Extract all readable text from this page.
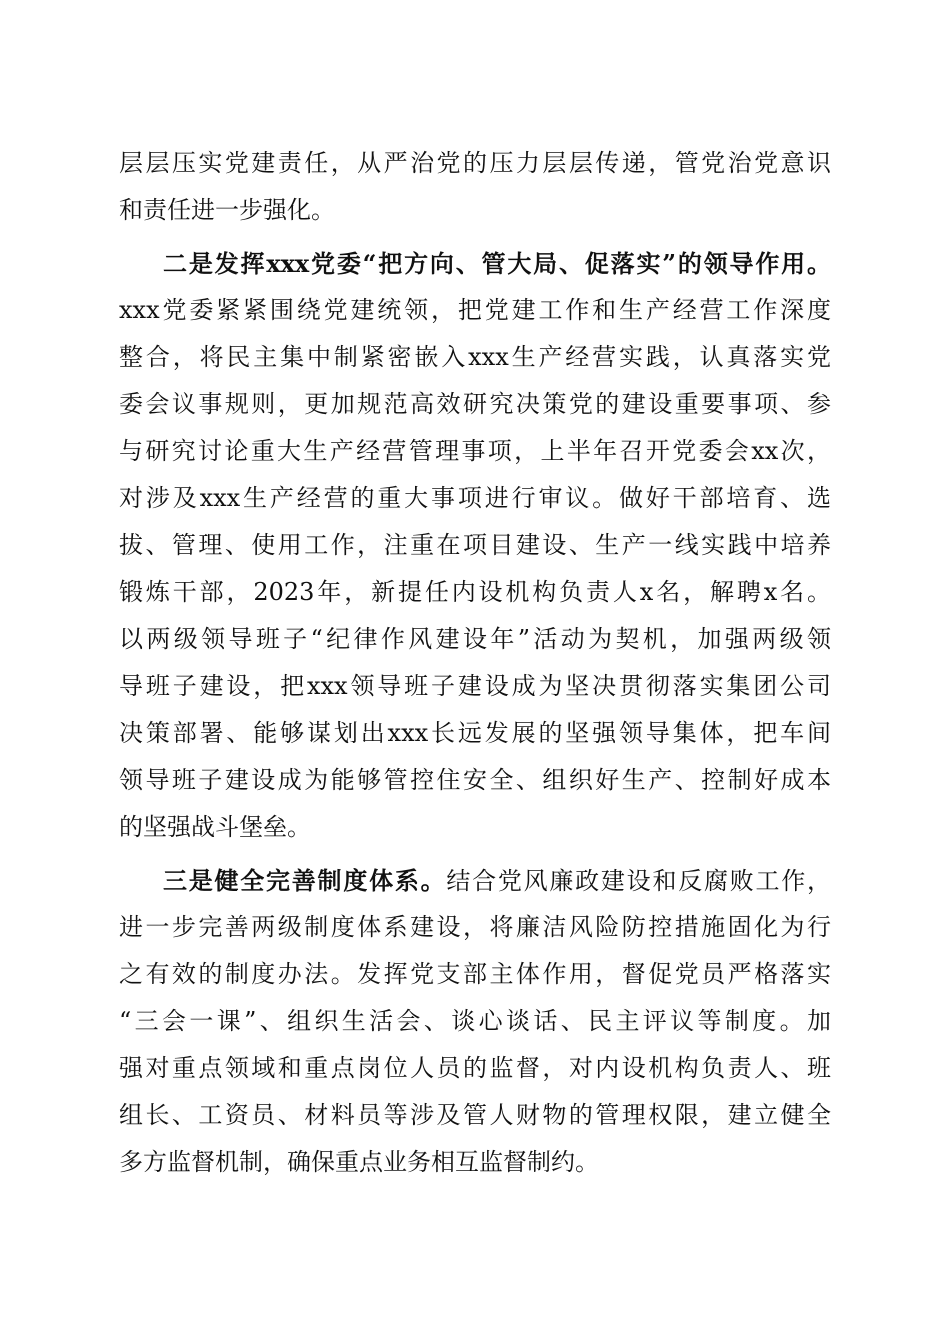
层层压实党建责任，从严治党的压力层层传递，管党治党意识
和责任进一步强化。
二是发挥xxx党委“把方向、管大局、促落实”的领导作用。
xxx党委紧紧围绕党建统领，把党建工作和生产经营工作深度
整合，将民主集中制紧密嵌入xxx生产经营实践，认真落实党
委会议事规则，更加规范高效研究决策党的建设重要事项、参
与研究讨论重大生产经营管理事项，上半年召开党委会xx次，
对涉及xxx生产经营的重大事项进行审议。做好干部培育、选
拔、管理、使用工作，注重在项目建设、生产一线实践中培养
锻炼干部，2023年，新提任内设机构负责人x名，解聘x名。
以两级领导班子“纪律作风建设年”活动为契机，加强两级领
导班子建设，把xxx领导班子建设成为坚决贯彻落实集团公司
决策部署、能够谋划出xxx长远发展的坚强领导集体，把车间
领导班子建设成为能够管控住安全、组织好生产、控制好成本
的坚强战斗堡垒。
三是健全完善制度体系。结合党风廉政建设和反腐败工作，
进一步完善两级制度体系建设，将廉洁风险防控措施固化为行
之有效的制度办法。发挥党支部主体作用，督促党员严格落实
“三会一课”、组织生活会、谈心谈话、民主评议等制度。加
强对重点领域和重点岗位人员的监督，对内设机构负责人、班
组长、工资员、材料员等涉及管人财物的管理权限，建立健全
多方监督机制，确保重点业务相互监督制约。
